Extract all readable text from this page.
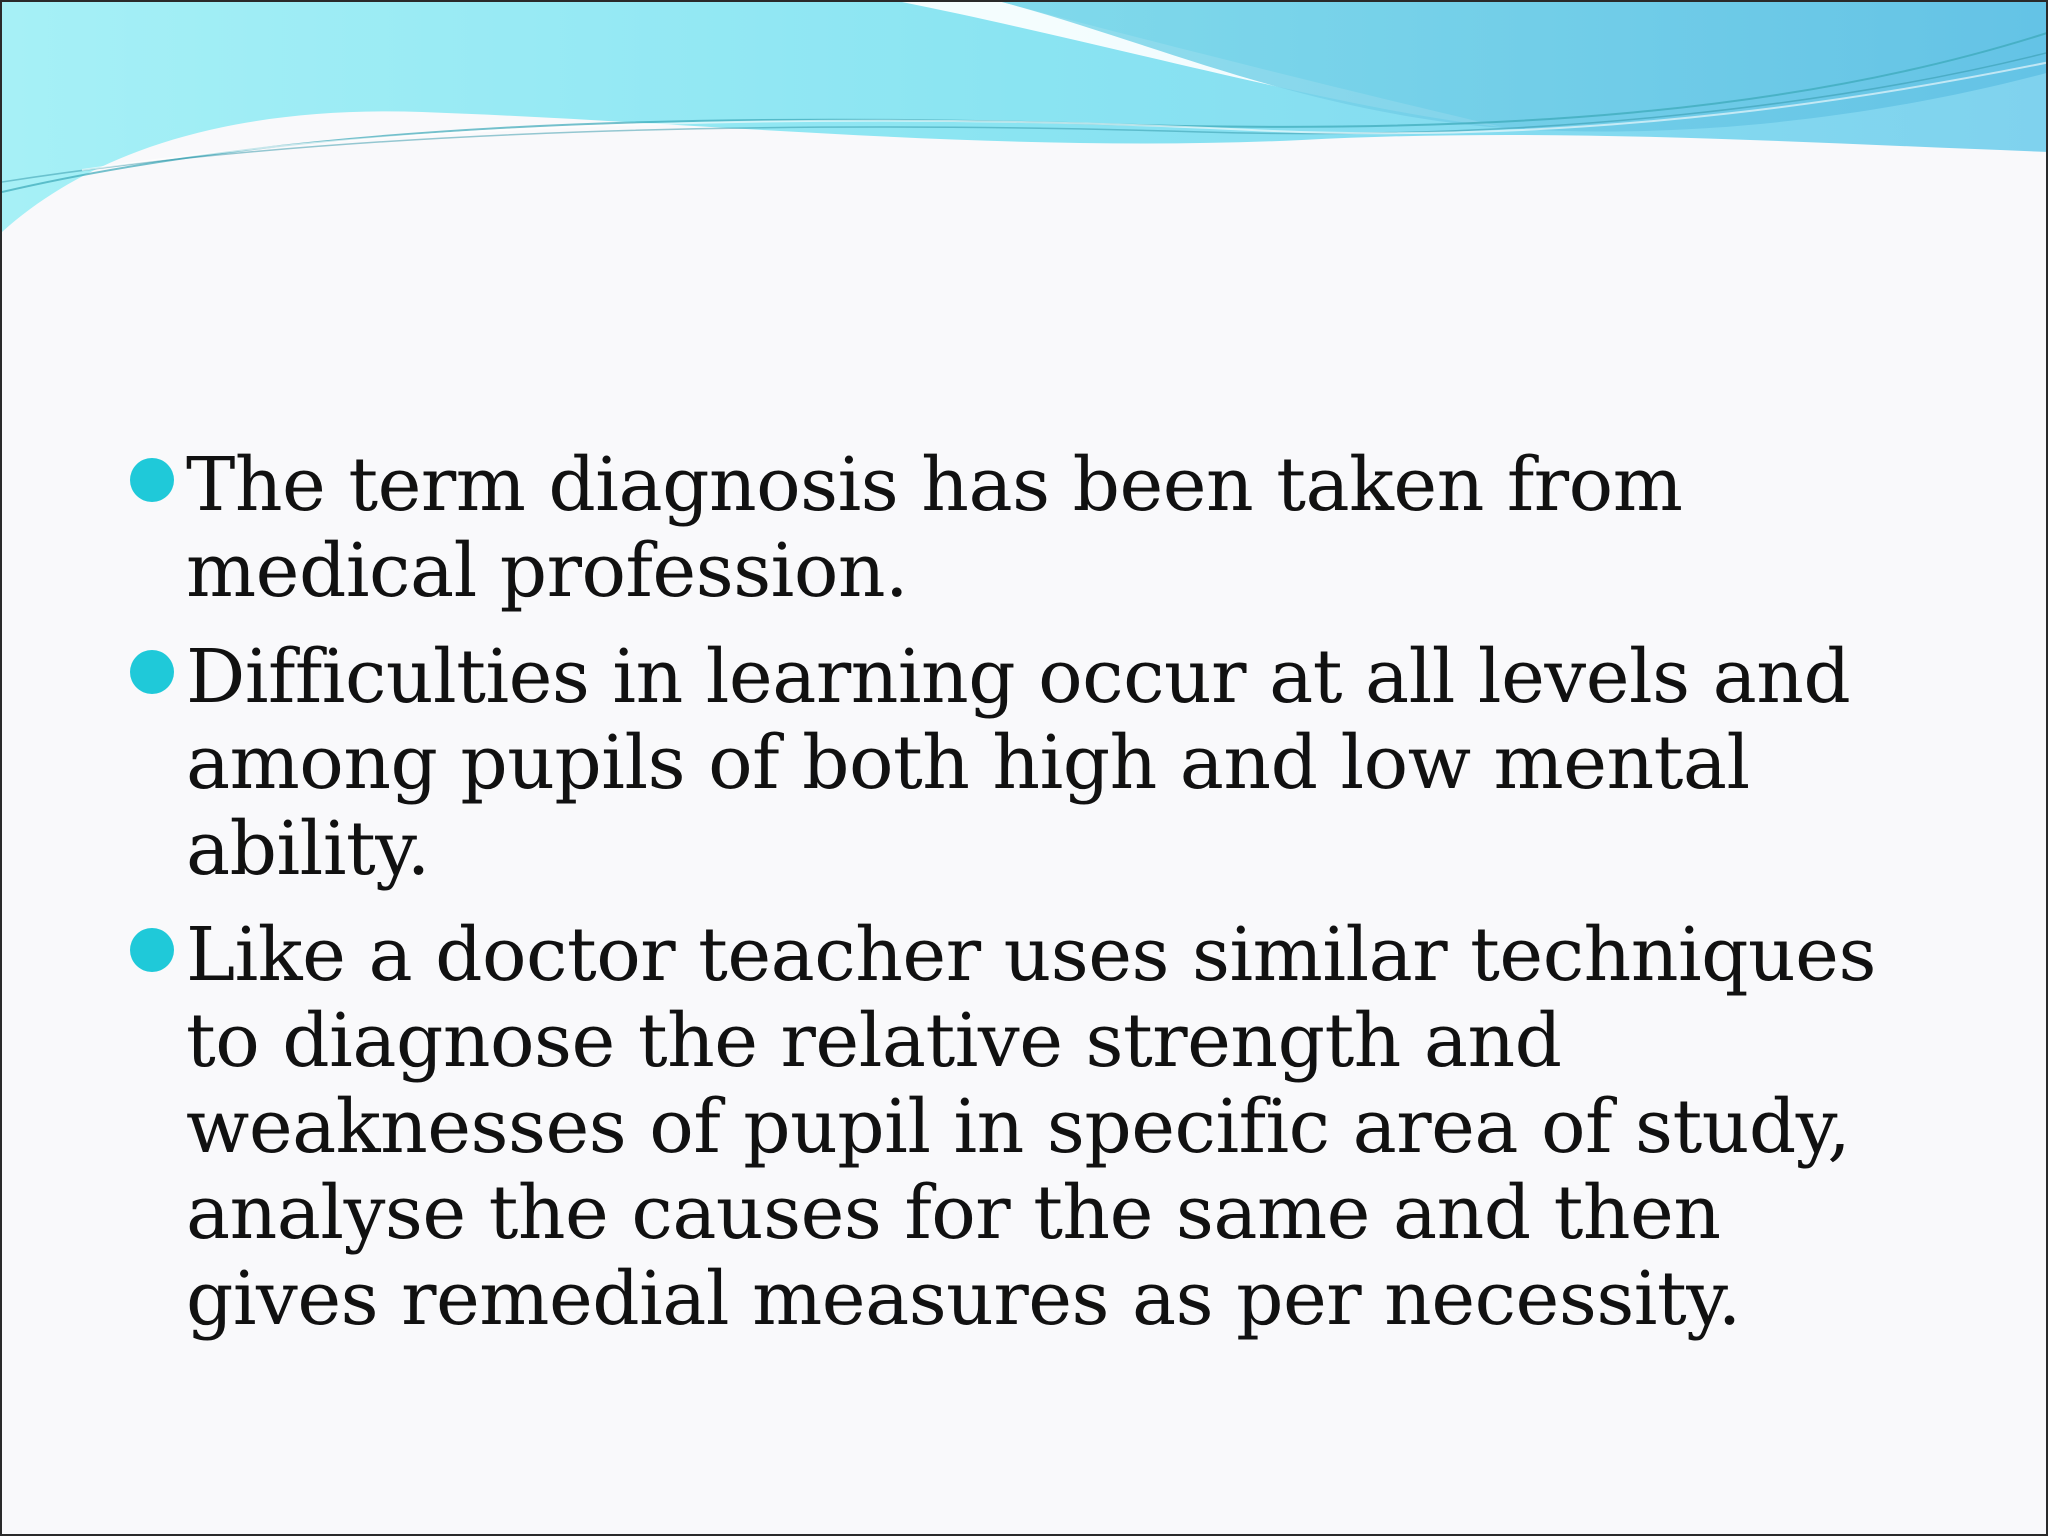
The term diagnosis has been taken from medical profession.
Difficulties in learning occur at all levels and among pupils of both high and low mental ability.
Like a doctor teacher uses similar techniques to diagnose the relative strength and weaknesses of pupil in specific area of study, analyse the causes for the same and then gives remedial measures as per necessity.
